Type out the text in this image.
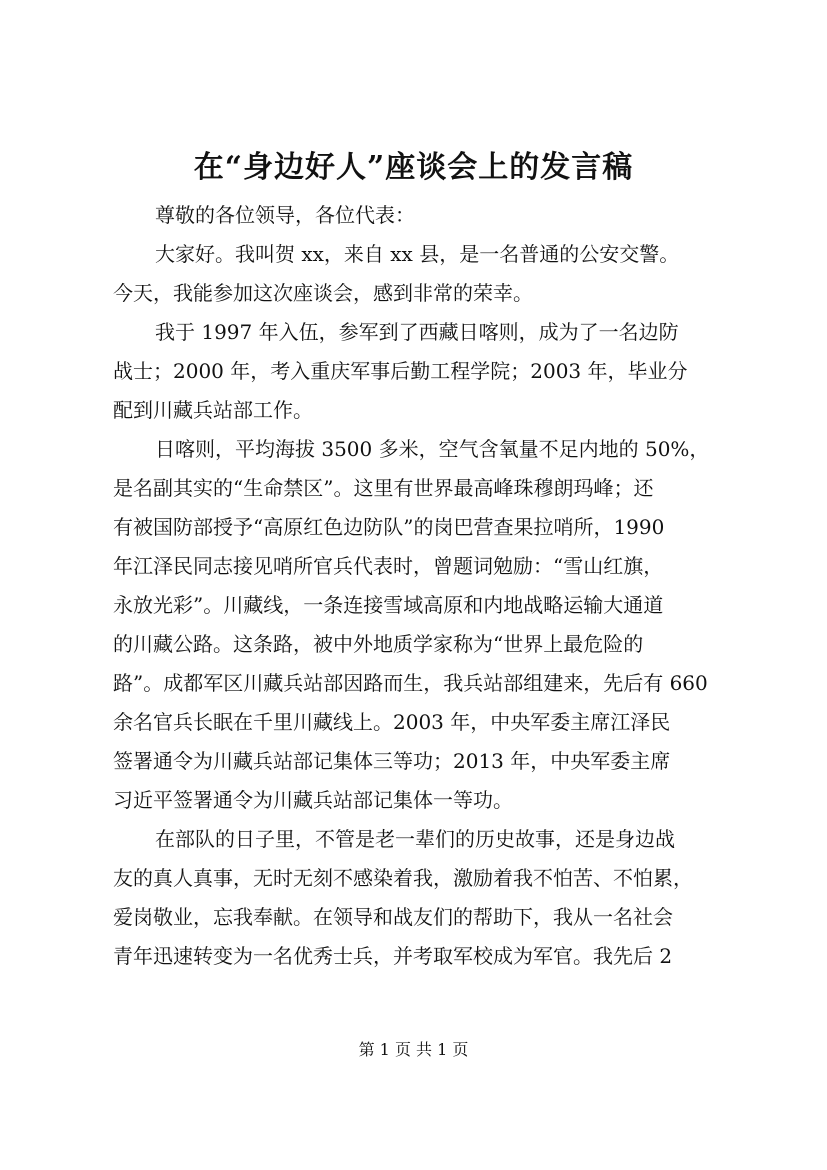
在“身边好人”座谈会上的发言稿
尊敬的各位领导，各位代表：
大家好。我叫贺 xx，来自 xx 县，是一名普通的公安交警。
今天，我能参加这次座谈会，感到非常的荣幸。
我于 1997 年入伍，参军到了西藏日喀则，成为了一名边防
战士；2000 年，考入重庆军事后勤工程学院；2003 年，毕业分
配到川藏兵站部工作。
日喀则，平均海拔 3500 多米，空气含氧量不足内地的 50%，
是名副其实的“生命禁区”。这里有世界最高峰珠穆朗玛峰；还
有被国防部授予“高原红色边防队”的岗巴营查果拉哨所，1990
年江泽民同志接见哨所官兵代表时，曾题词勉励：“雪山红旗，
永放光彩”。川藏线，一条连接雪域高原和内地战略运输大通道
的川藏公路。这条路，被中外地质学家称为“世界上最危险的
路”。成都军区川藏兵站部因路而生，我兵站部组建来，先后有 660
余名官兵长眠在千里川藏线上。2003 年，中央军委主席江泽民
签署通令为川藏兵站部记集体三等功；2013 年，中央军委主席
习近平签署通令为川藏兵站部记集体一等功。
在部队的日子里，不管是老一辈们的历史故事，还是身边战
友的真人真事，无时无刻不感染着我，激励着我不怕苦、不怕累，
爱岗敬业，忘我奉献。在领导和战友们的帮助下，我从一名社会
青年迅速转变为一名优秀士兵，并考取军校成为军官。我先后 2
第 1 页 共 1 页
